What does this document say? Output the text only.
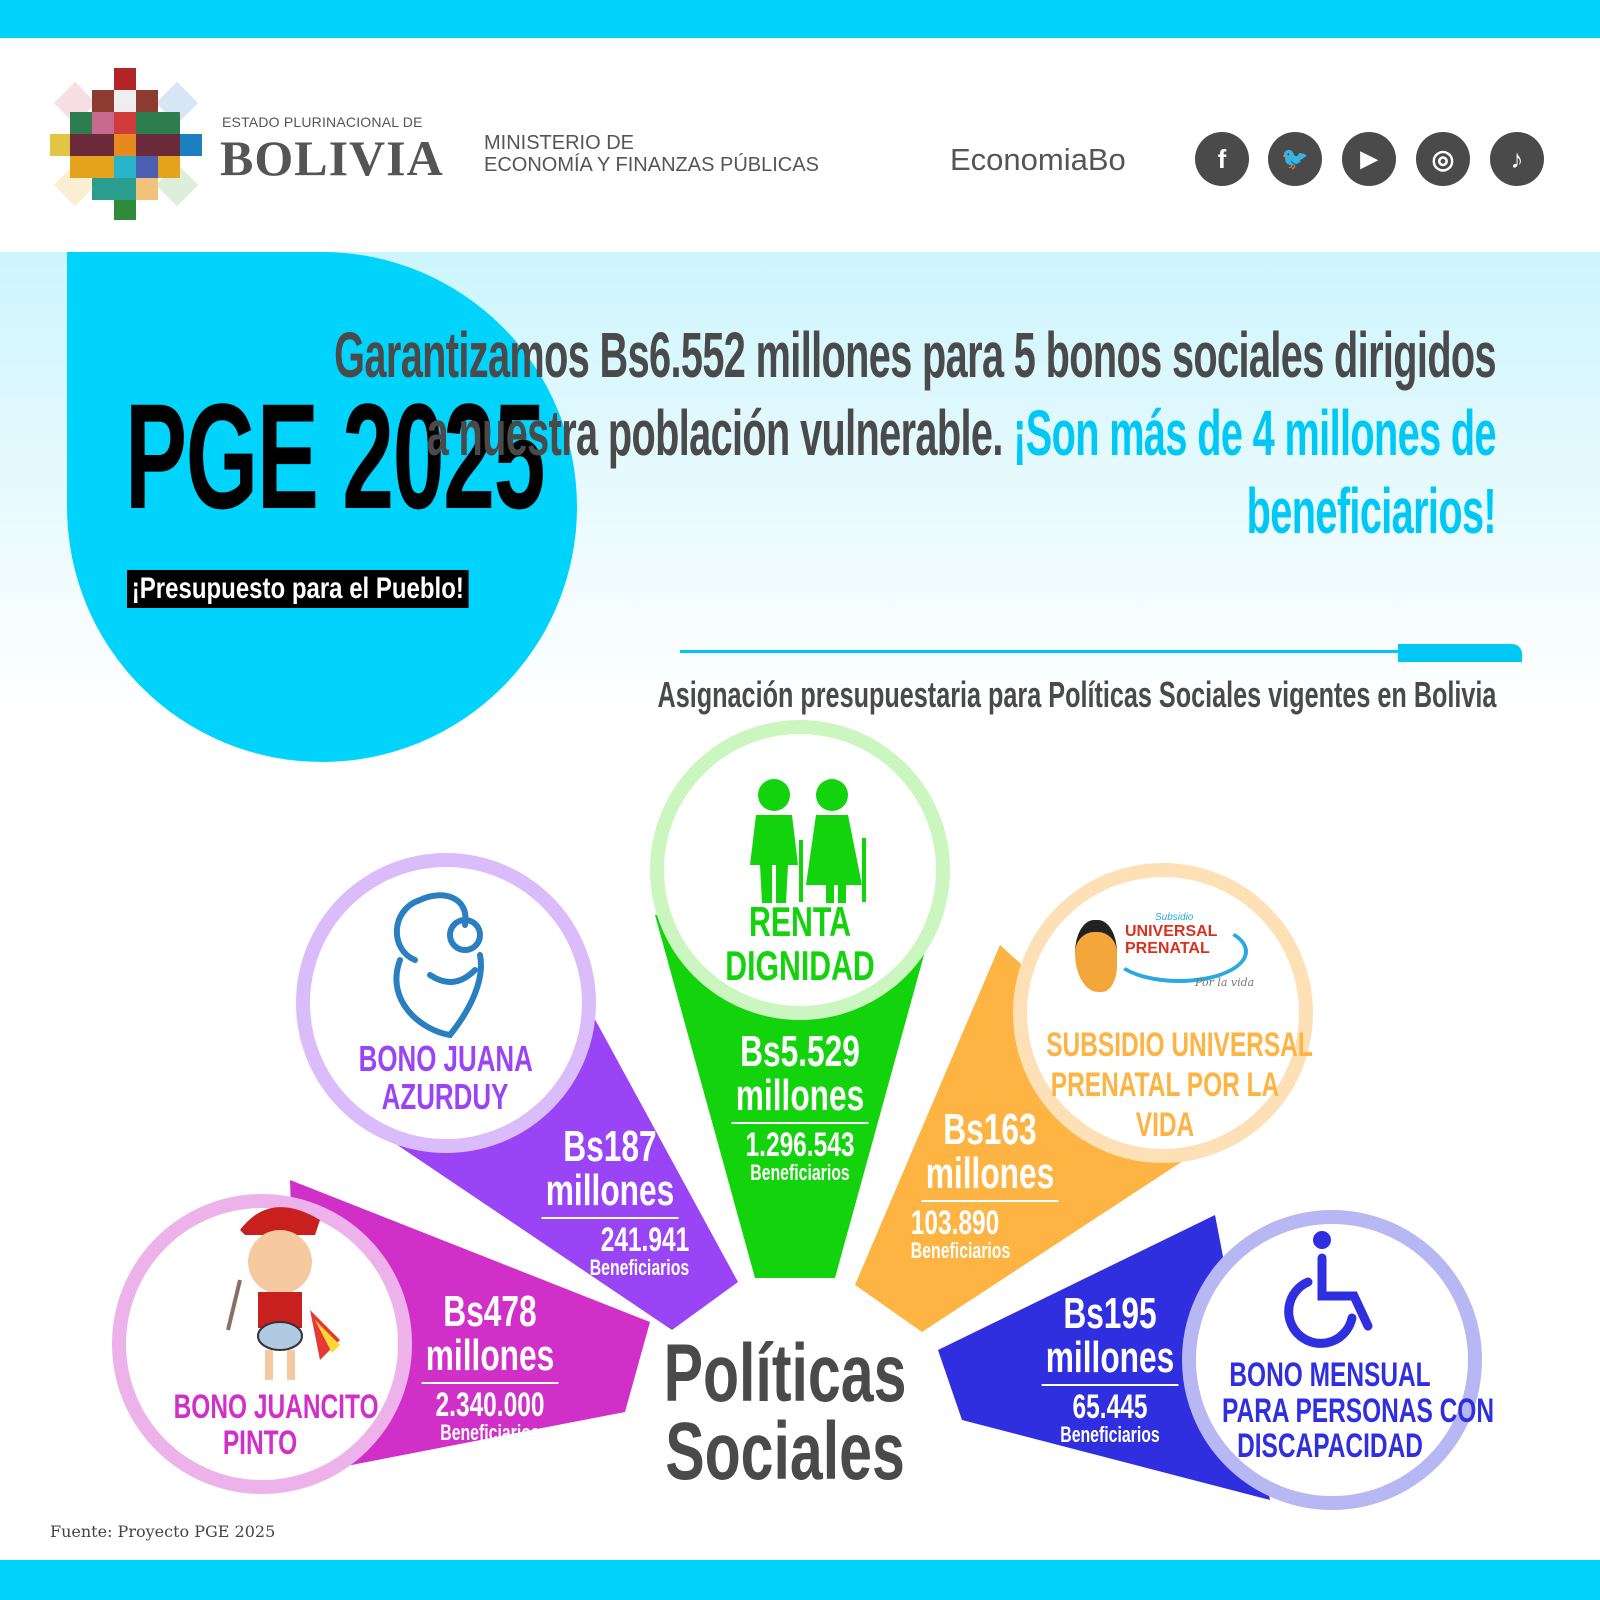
ESTADO PLURINACIONAL DE
BOLIVIA MINISTERIO DE
ECONOMÍA Y FINANZAS PÚBLICAS	EconomiaBo	f	🐦	▶	◎	♪
PGE 2025
¡Presupuesto para el Pueblo!
Garantizamos Bs6.552 millones para 5 bonos sociales dirigidos a nuestra población vulnerable. ¡Son más de 4 millones de beneficiarios!
Asignación presupuestaria para Políticas Sociales vigentes en Bolivia
Subsidio
UNIVERSAL
PRENATAL
Por la vida
BONO JUANCITO
PINTO
BONO JUANA
AZURDUY
RENTA
DIGNIDAD
SUBSIDIO UNIVERSAL
PRENATAL POR LA
VIDA
BONO MENSUAL
PARA PERSONAS CON
DISCAPACIDAD
Bs478
millones
2.340.000
Beneficiarios
Bs187
millones
241.941
Beneficiarios
Bs5.529
millones
1.296.543
Beneficiarios
Bs163
millones
103.890
Beneficiarios
Bs195
millones
65.445
Beneficiarios
Políticas
Sociales
Fuente: Proyecto PGE 2025
